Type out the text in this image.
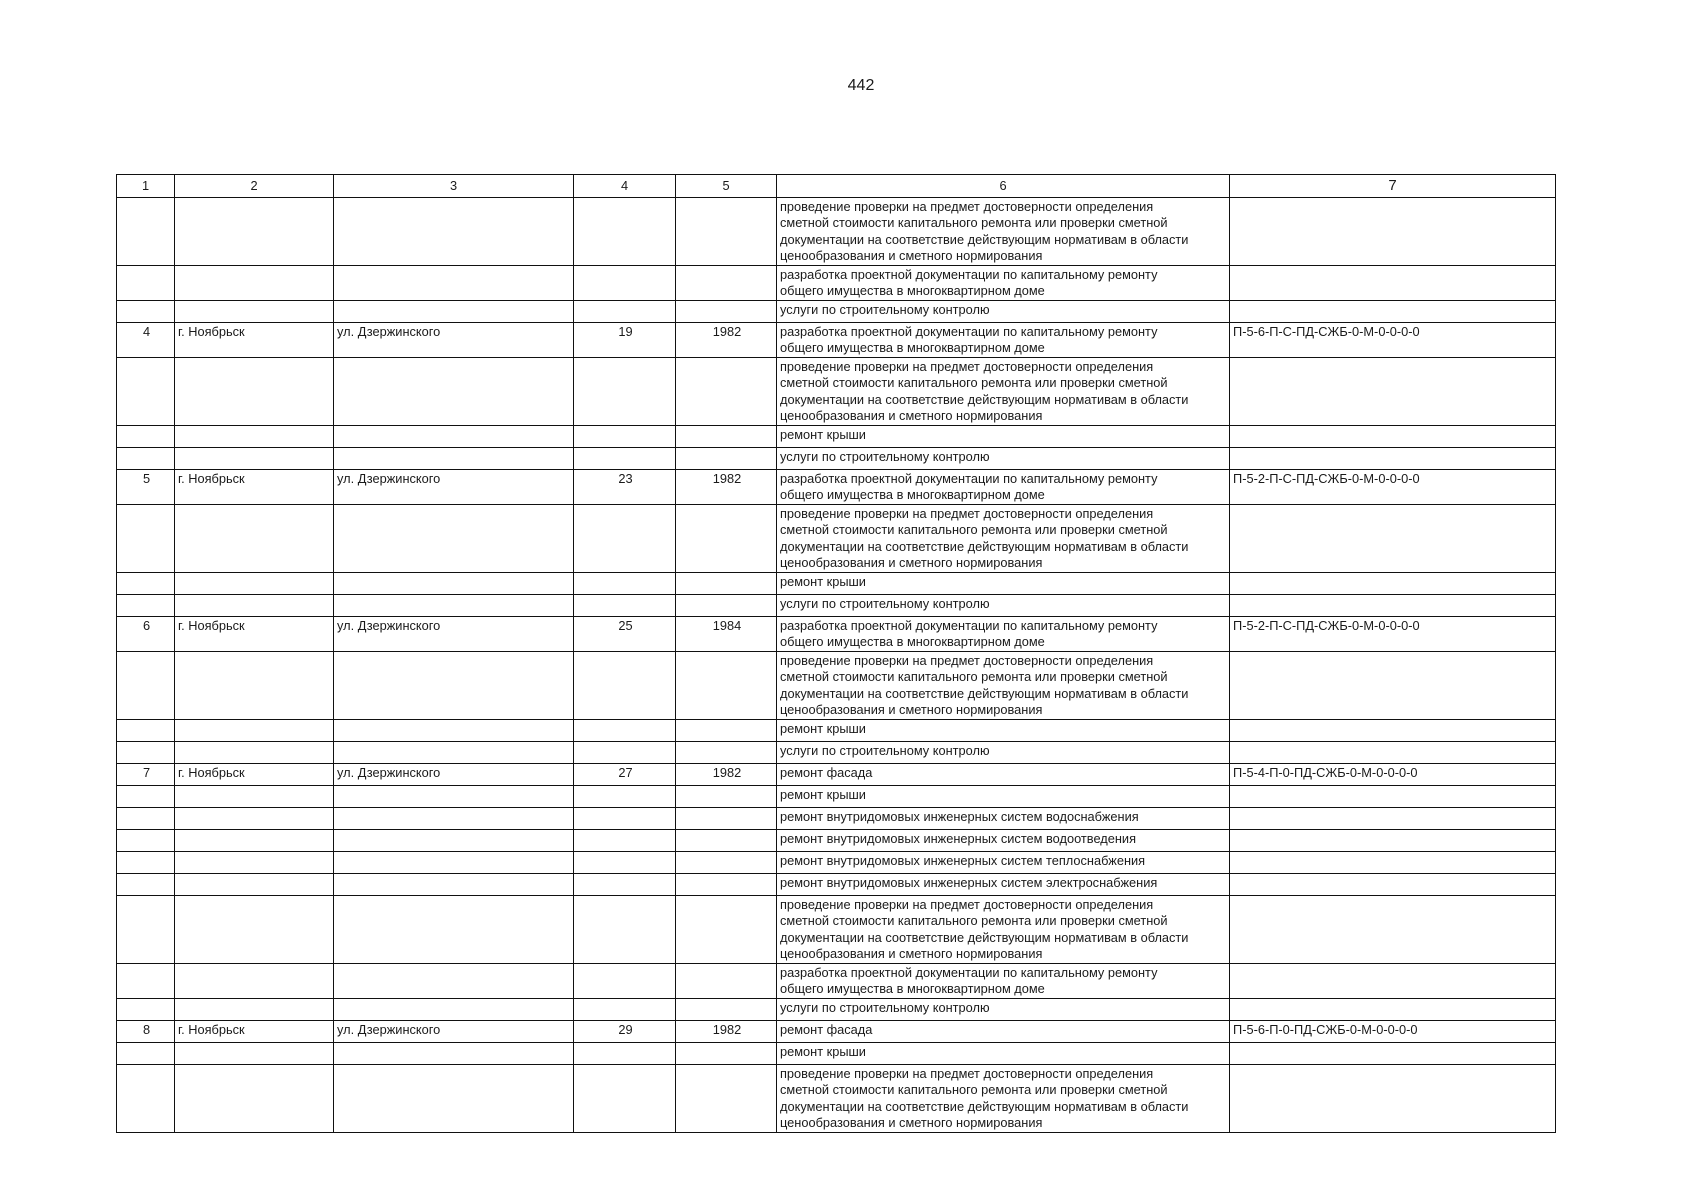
442
1	2	3	4	5	6	7
					проведение проверки на предмет достоверности определения
сметной стоимости капитального ремонта или проверки сметной
документации на соответствие действующим нормативам в области
ценообразования и сметного нормирования	
					разработка проектной документации по капитальному ремонту
общего имущества в многоквартирном доме	
					услуги по строительному контролю	
4	г. Ноябрьск	ул. Дзержинского	19	1982	разработка проектной документации по капитальному ремонту
общего имущества в многоквартирном доме	П-5-6-П-С-ПД-СЖБ-0-М-0-0-0-0
					проведение проверки на предмет достоверности определения
сметной стоимости капитального ремонта или проверки сметной
документации на соответствие действующим нормативам в области
ценообразования и сметного нормирования	
					ремонт крыши	
					услуги по строительному контролю	
5	г. Ноябрьск	ул. Дзержинского	23	1982	разработка проектной документации по капитальному ремонту
общего имущества в многоквартирном доме	П-5-2-П-С-ПД-СЖБ-0-М-0-0-0-0
					проведение проверки на предмет достоверности определения
сметной стоимости капитального ремонта или проверки сметной
документации на соответствие действующим нормативам в области
ценообразования и сметного нормирования	
					ремонт крыши	
					услуги по строительному контролю	
6	г. Ноябрьск	ул. Дзержинского	25	1984	разработка проектной документации по капитальному ремонту
общего имущества в многоквартирном доме	П-5-2-П-С-ПД-СЖБ-0-М-0-0-0-0
					проведение проверки на предмет достоверности определения
сметной стоимости капитального ремонта или проверки сметной
документации на соответствие действующим нормативам в области
ценообразования и сметного нормирования	
					ремонт крыши	
					услуги по строительному контролю	
7	г. Ноябрьск	ул. Дзержинского	27	1982	ремонт фасада	П-5-4-П-0-ПД-СЖБ-0-М-0-0-0-0
					ремонт крыши	
					ремонт внутридомовых инженерных систем водоснабжения	
					ремонт внутридомовых инженерных систем водоотведения	
					ремонт внутридомовых инженерных систем теплоснабжения	
					ремонт внутридомовых инженерных систем электроснабжения	
					проведение проверки на предмет достоверности определения
сметной стоимости капитального ремонта или проверки сметной
документации на соответствие действующим нормативам в области
ценообразования и сметного нормирования	
					разработка проектной документации по капитальному ремонту
общего имущества в многоквартирном доме	
					услуги по строительному контролю	
8	г. Ноябрьск	ул. Дзержинского	29	1982	ремонт фасада	П-5-6-П-0-ПД-СЖБ-0-М-0-0-0-0
					ремонт крыши	
					проведение проверки на предмет достоверности определения
сметной стоимости капитального ремонта или проверки сметной
документации на соответствие действующим нормативам в области
ценообразования и сметного нормирования	
